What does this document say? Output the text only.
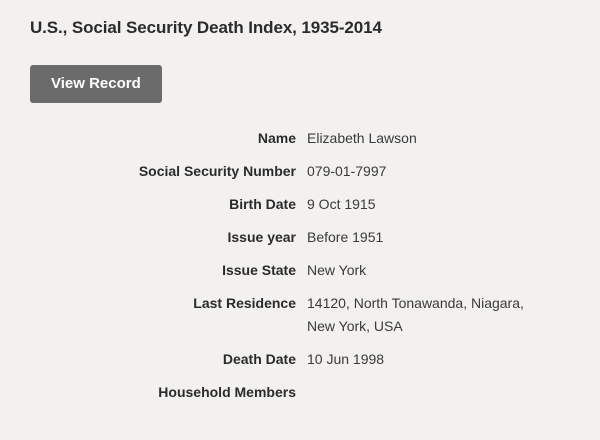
U.S., Social Security Death Index, 1935-2014
View Record
Name Elizabeth Lawson
Social Security Number 079-01-7997
Birth Date 9 Oct 1915
Issue year Before 1951
Issue State New York
Last Residence 14120, North Tonawanda, Niagara, New York, USA
Death Date 10 Jun 1998
Household Members
